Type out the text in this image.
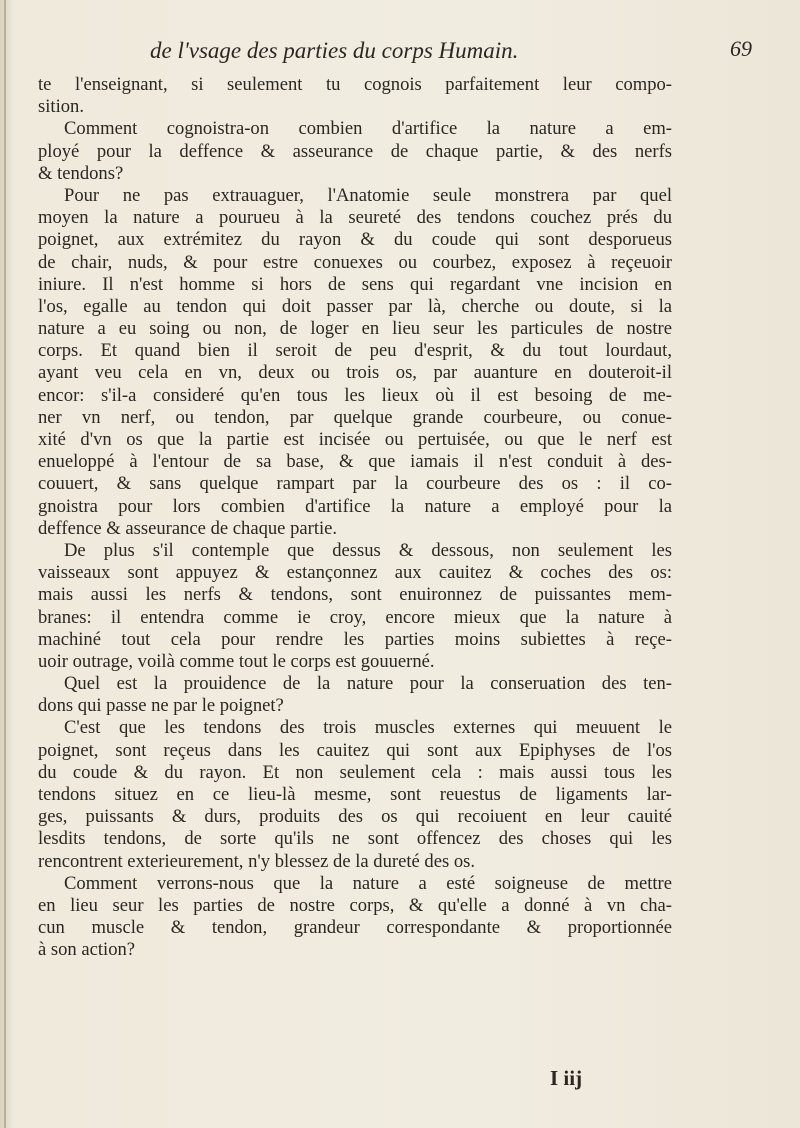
de l'vsage des parties du corps Humain.	69
te l'enseignant, si seulement tu cognois parfaitement leur compo-
sition.
Comment cognoistra-on combien d'artifice la nature a em-
ployé pour la deffence & asseurance de chaque partie, & des nerfs
& tendons?
Pour ne pas extrauaguer, l'Anatomie seule monstrera par quel
moyen la nature a pourueu à la seureté des tendons couchez prés du
poignet, aux extrémitez du rayon & du coude qui sont desporueus
de chair, nuds, & pour estre conuexes ou courbez, exposez à reçeuoir
iniure. Il n'est homme si hors de sens qui regardant vne incision en
l'os, egalle au tendon qui doit passer par là, cherche ou doute, si la
nature a eu soing ou non, de loger en lieu seur les particules de nostre
corps. Et quand bien il seroit de peu d'esprit, & du tout lourdaut,
ayant veu cela en vn, deux ou trois os, par auanture en douteroit-il
encor: s'il-a consideré qu'en tous les lieux où il est besoing de me-
ner vn nerf, ou tendon, par quelque grande courbeure, ou conue-
xité d'vn os que la partie est incisée ou pertuisée, ou que le nerf est
enueloppé à l'entour de sa base, & que iamais il n'est conduit à des-
couuert, & sans quelque rampart par la courbeure des os : il co-
gnoistra pour lors combien d'artifice la nature a employé pour la
deffence & asseurance de chaque partie.
De plus s'il contemple que dessus & dessous, non seulement les
vaisseaux sont appuyez & estançonnez aux cauitez & coches des os:
mais aussi les nerfs & tendons, sont enuironnez de puissantes mem-
branes: il entendra comme ie croy, encore mieux que la nature à
machiné tout cela pour rendre les parties moins subiettes à reçe-
uoir outrage, voilà comme tout le corps est gouuerné.
Quel est la prouidence de la nature pour la conseruation des ten-
dons qui passe ne par le poignet?
C'est que les tendons des trois muscles externes qui meuuent le
poignet, sont reçeus dans les cauitez qui sont aux Epiphyses de l'os
du coude & du rayon. Et non seulement cela : mais aussi tous les
tendons situez en ce lieu-là mesme, sont reuestus de ligaments lar-
ges, puissants & durs, produits des os qui recoiuent en leur cauité
lesdits tendons, de sorte qu'ils ne sont offencez des choses qui les
rencontrent exterieurement, n'y blessez de la dureté des os.
Comment verrons-nous que la nature a esté soigneuse de mettre
en lieu seur les parties de nostre corps, & qu'elle a donné à vn cha-
cun muscle & tendon, grandeur correspondante & proportionnée
à son action?
I iij
